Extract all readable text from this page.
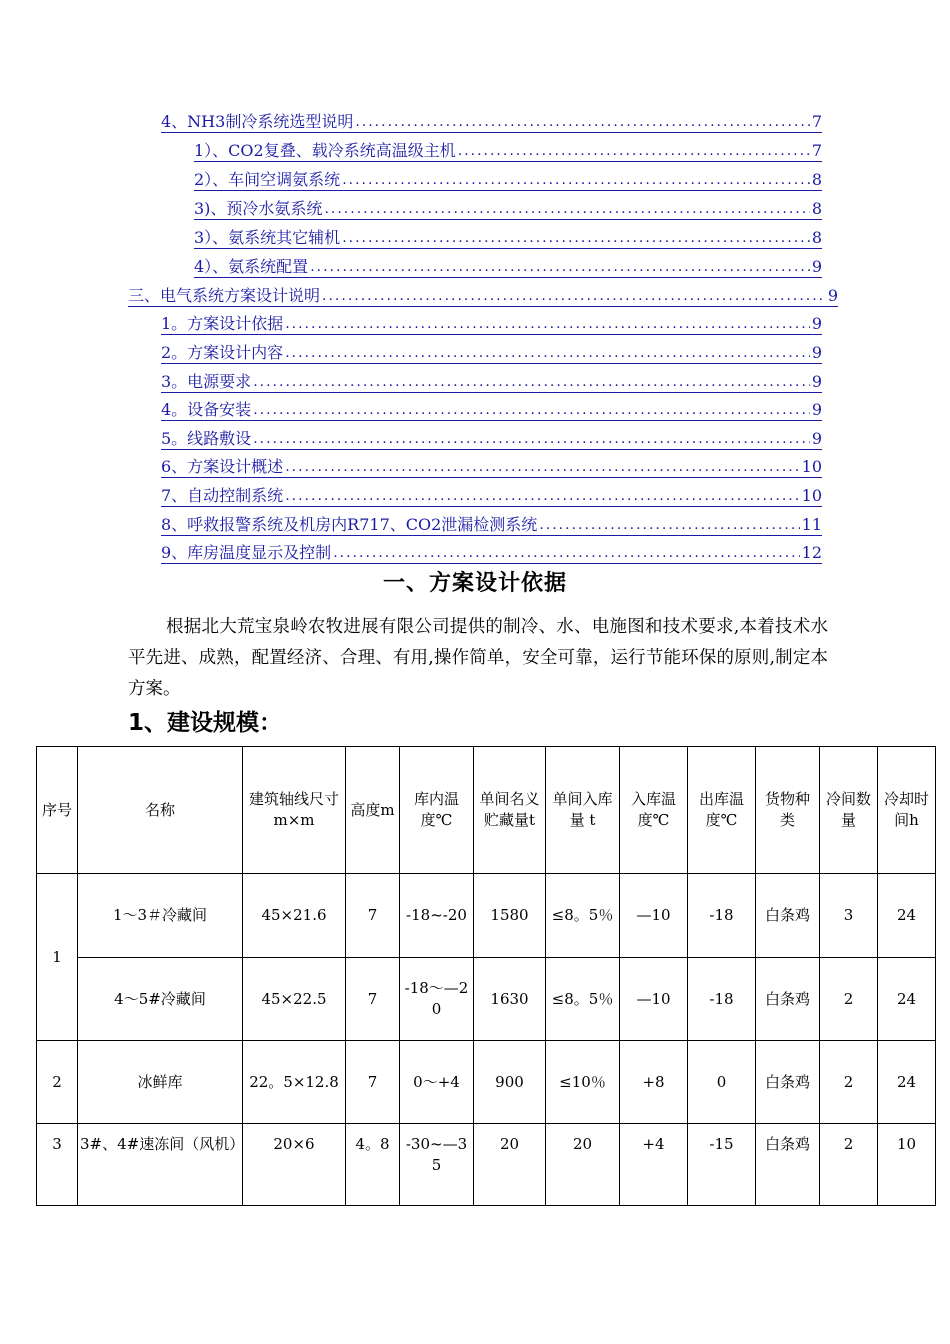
4、NH3制冷系统选型说明 .....	7
1）、CO2复叠、载冷系统高温级主机 .....	7
2）、车间空调氨系统 .....	8
3)、预冷水氨系统 .....	8
3）、氨系统其它辅机 .....	8
4）、氨系统配置 .....	9
三、电气系统方案设计说明 .....	9
1。方案设计依据 .....	9
2。方案设计内容 .....	9
3。电源要求 .....	9
4。设备安装 .....	9
5。线路敷设 .....	9
6、方案设计概述 .....	10
7、自动控制系统 .....	10
8、呼救报警系统及机房内R717、CO2泄漏检测系统 .....	11
9、库房温度显示及控制 .....	12
一、方案设计依据
根据北大荒宝泉岭农牧进展有限公司提供的制冷、水、电施图和技术要求,本着技术水平先进、成熟，配置经济、合理、有用,操作简单，安全可靠，运行节能环保的原则,制定本方案。
1、建设规模：
序号	名称	建筑轴线尺寸m×m	高度m	库内温度℃	单间名义贮藏量t	单间入库量 t	入库温度℃	出库温度℃	货物种类	冷间数量	冷却时间h
1	1～3＃冷藏间	45×21.6	7	-18~-20	1580	≤8。5％	—10	-18	白条鸡	3	24
	4～5#冷藏间	45×22.5	7	-18～—20	1630	≤8。5％	—10	-18	白条鸡	2	24
2	冰鲜库	22。5×12.8	7	0～+4	900	≤10％	+8	0	白条鸡	2	24
3	3#、4#速冻间（风机）	20×6	4。8	-30~—35	20	20	+4	-15	白条鸡	2	10
